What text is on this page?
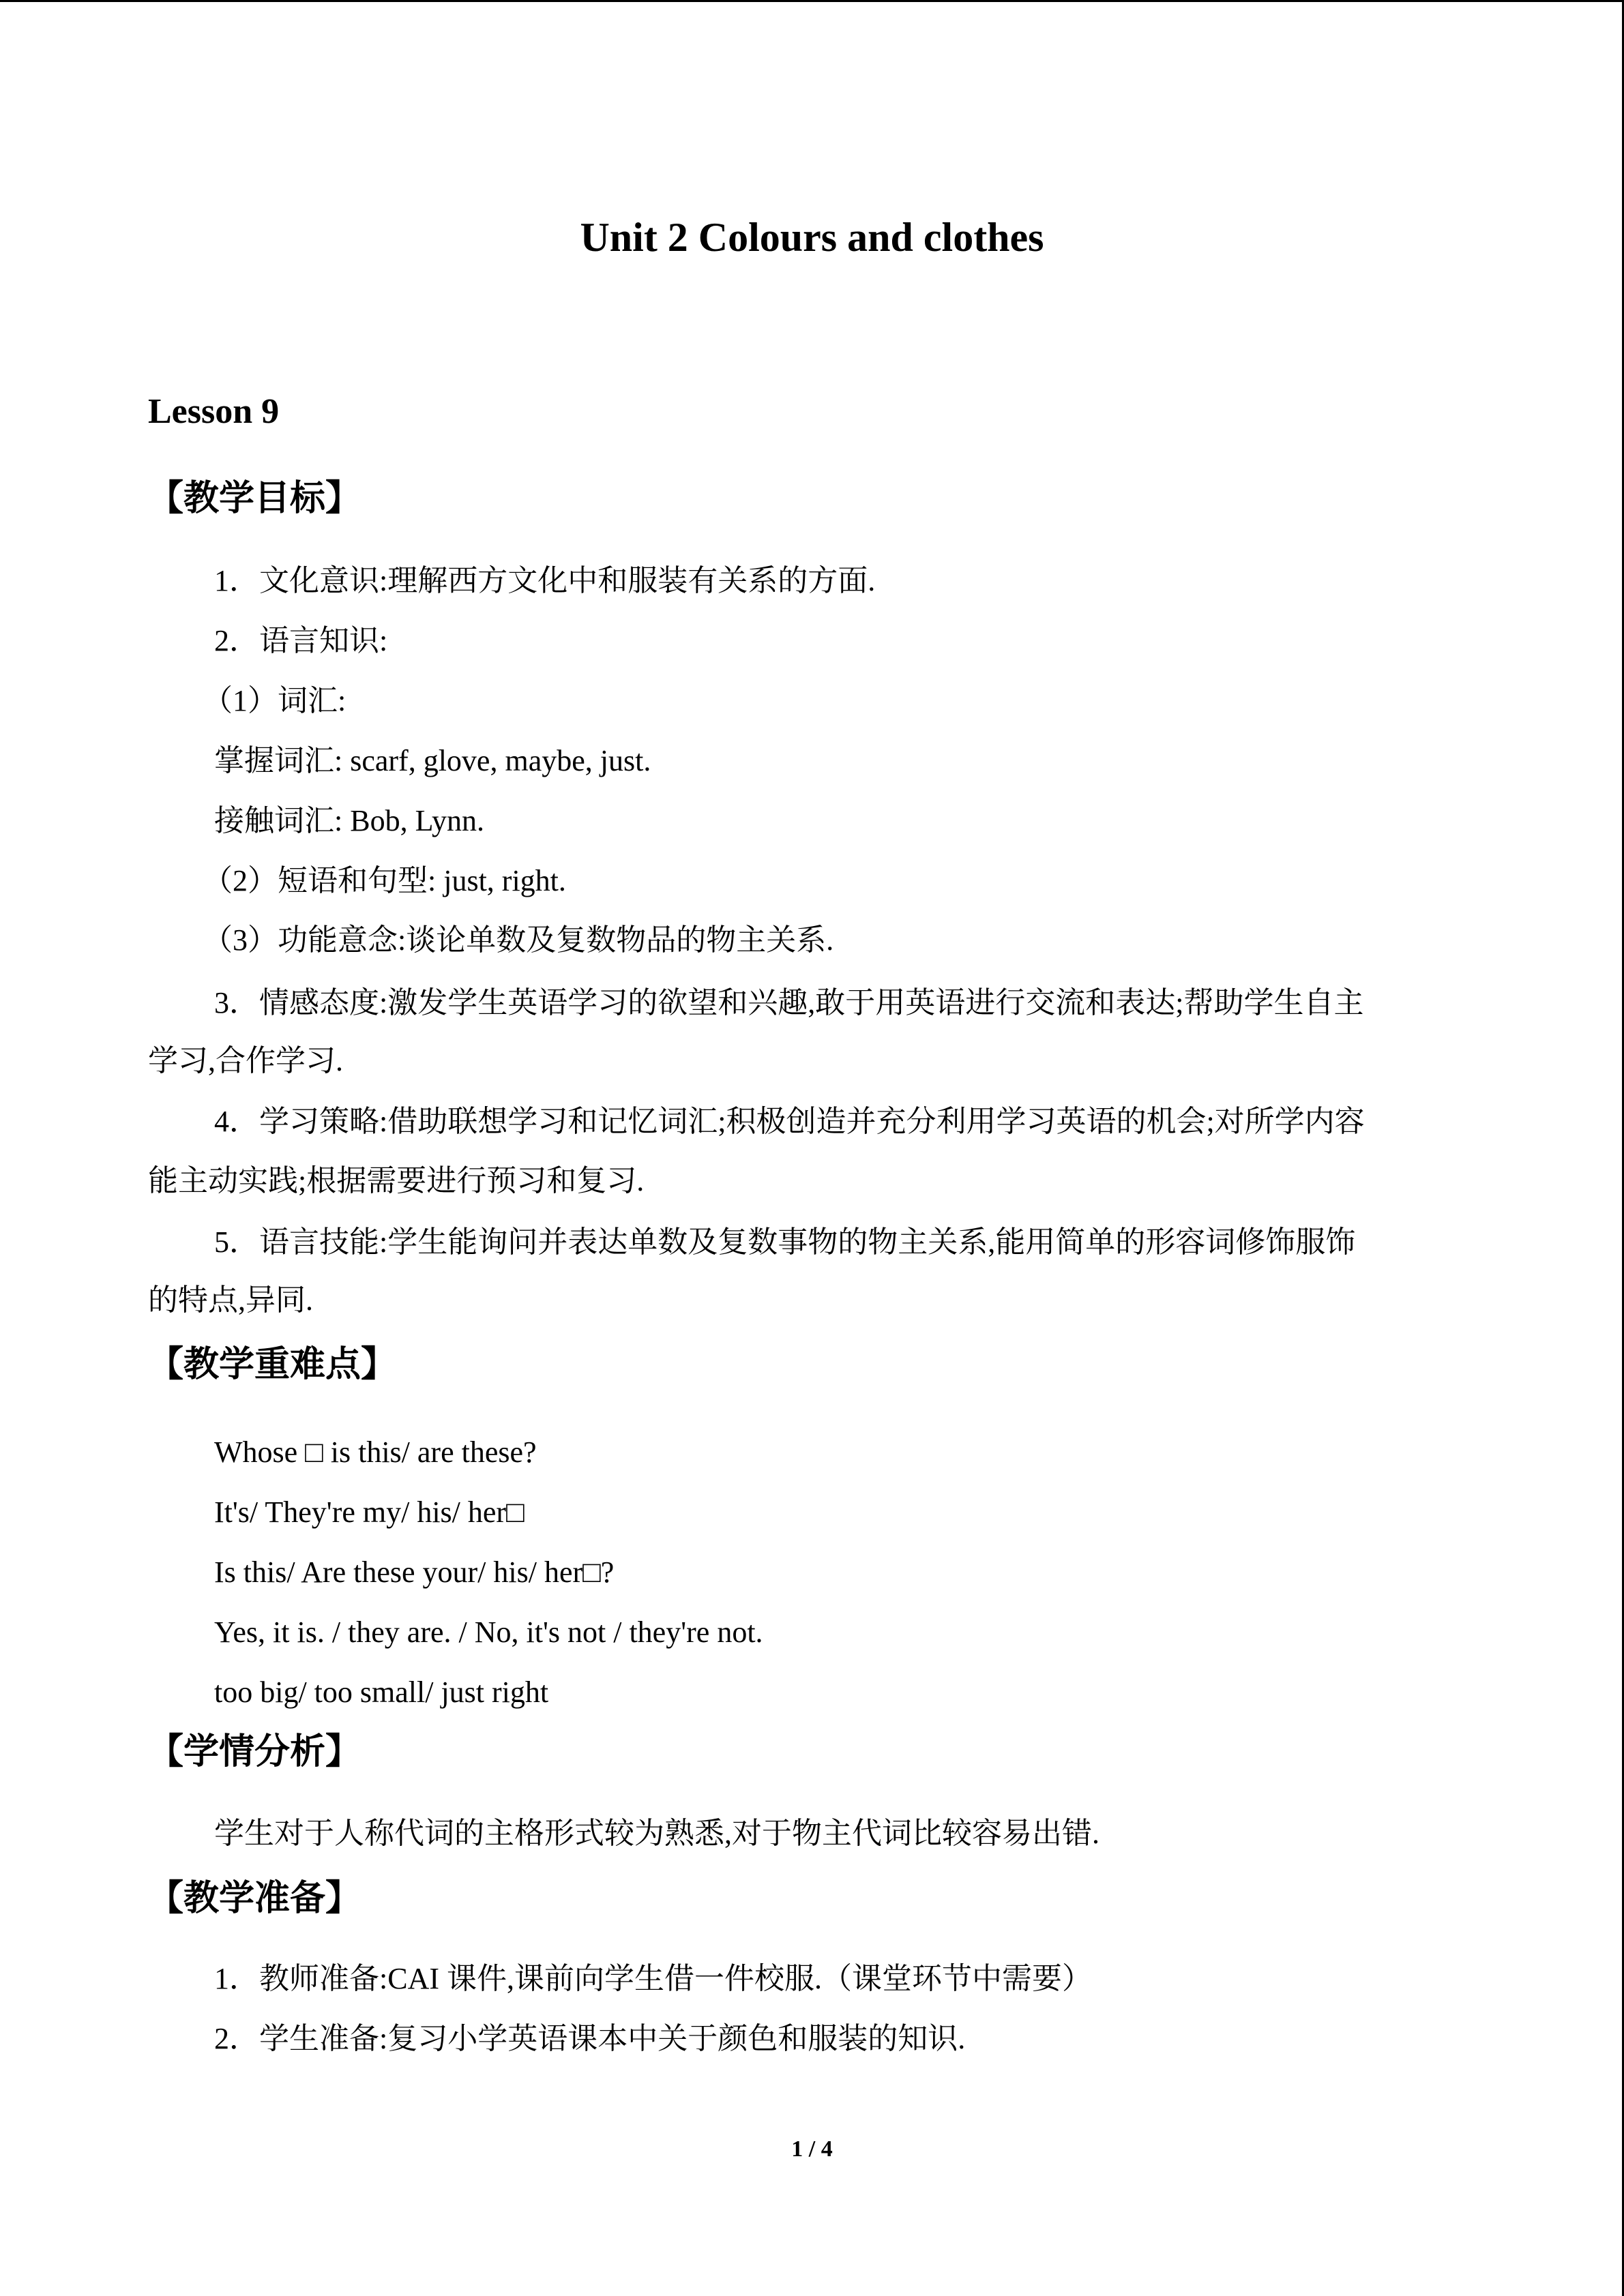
Unit 2 Colours and clothes
Lesson 9
【教学目标】

1．文化意识:理解西方文化中和服装有关系的方面.

2．语言知识:

（1）词汇:

掌握词汇: scarf, glove, maybe, just.

接触词汇: Bob, Lynn.

（2）短语和句型: just, right.

（3）功能意念:谈论单数及复数物品的物主关系.

3．情感态度:激发学生英语学习的欲望和兴趣,敢于用英语进行交流和表达;帮助学生自主

学习,合作学习.

4．学习策略:借助联想学习和记忆词汇;积极创造并充分利用学习英语的机会;对所学内容

能主动实践;根据需要进行预习和复习.

5．语言技能:学生能询问并表达单数及复数事物的物主关系,能用简单的形容词修饰服饰

的特点,异同.

【教学重难点】

Whose □ is this/ are these?

It's/ They're my/ his/ her□

Is this/ Are these your/ his/ her□?

Yes, it is. / they are. / No, it's not / they're not.

too big/ too small/ just right

【学情分析】

学生对于人称代词的主格形式较为熟悉,对于物主代词比较容易出错.

【教学准备】

1．教师准备:CAI 课件,课前向学生借一件校服.（课堂环节中需要）

2．学生准备:复习小学英语课本中关于颜色和服装的知识.

1 / 4
